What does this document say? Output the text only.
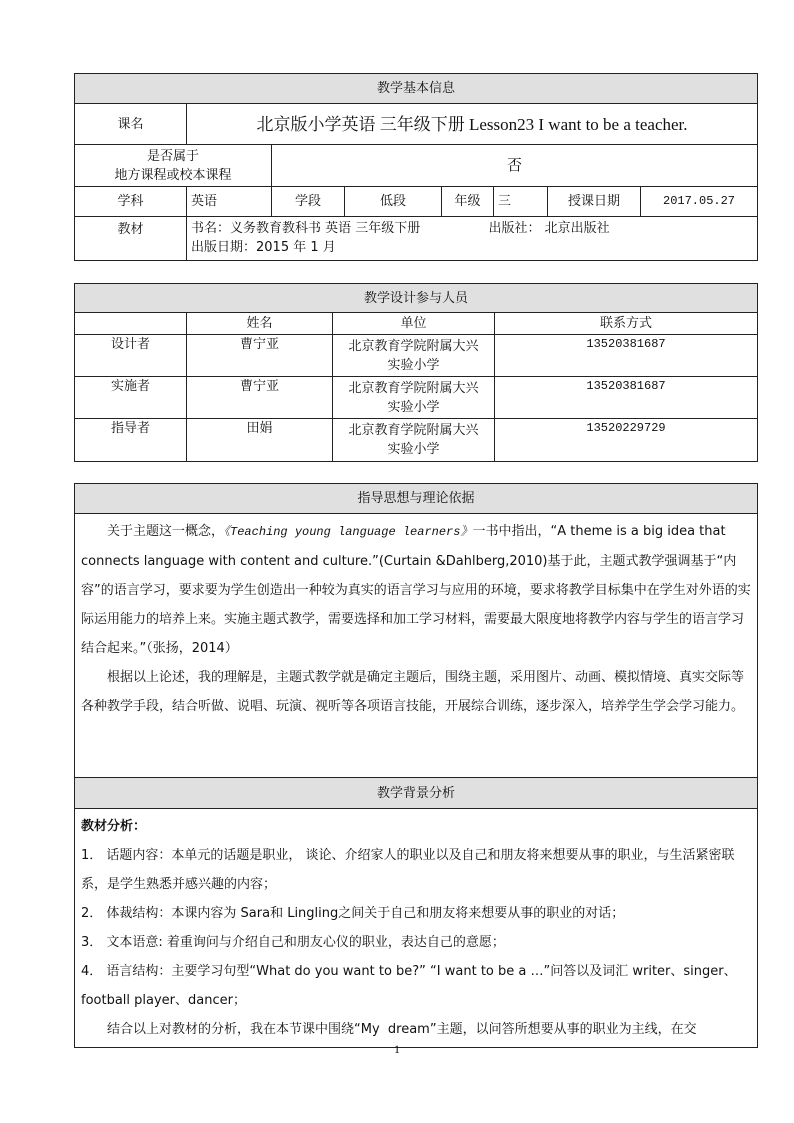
教学基本信息							
课名	北京版小学英语 三年级下册 Lesson23 I want to be a teacher.						
是否属于
地方课程或校本课程		否					
学科	英语	学段	低段	年级	三	授课日期	2017.05.27
教材	书名：义务教育教科书 英语 三年级下册 出版社： 北京出版社
出版日期：2015 年 1 月						
教学设计参与人员			
	姓名	单位	联系方式
设计者	曹宁亚	北京教育学院附属大兴
实验小学	13520381687
实施者	曹宁亚	北京教育学院附属大兴
实验小学	13520381687
指导者	田娟	北京教育学院附属大兴
实验小学	13520229729
指导思想与理论依据

关于主题这一概念，《Teaching young language learners》一书中指出，“A theme is a big idea that connects language with content and culture.”(Curtain &Dahlberg,2010)基于此，主题式教学强调基于“内容”的语言学习，要求要为学生创造出一种较为真实的语言学习与应用的环境，要求将教学目标集中在学生对外语的实际运用能力的培养上来。实施主题式教学，需要选择和加工学习材料，需要最大限度地将教学内容与学生的语言学习结合起来。”（张扬，2014）

根据以上论述，我的理解是，主题式教学就是确定主题后，围绕主题，采用图片、动画、模拟情境、真实交际等各种教学手段，结合听做、说唱、玩演、视听等各项语言技能，开展综合训练，逐步深入，培养学生学会学习能力。

教学背景分析

教材分析：

1． 话题内容：本单元的话题是职业， 谈论、介绍家人的职业以及自己和朋友将来想要从事的职业，与生活紧密联系，是学生熟悉并感兴趣的内容；

2． 体裁结构：本课内容为 Sara和 Lingling之间关于自己和朋友将来想要从事的职业的对话；

3． 文本语意: 着重询问与介绍自己和朋友心仪的职业，表达自己的意愿；

4． 语言结构：主要学习句型“What do you want to be?” “I want to be a …”问答以及词汇 writer、singer、football player、dancer；

结合以上对教材的分析，我在本节课中围绕“My  dream”主题，以问答所想要从事的职业为主线，在交

1
